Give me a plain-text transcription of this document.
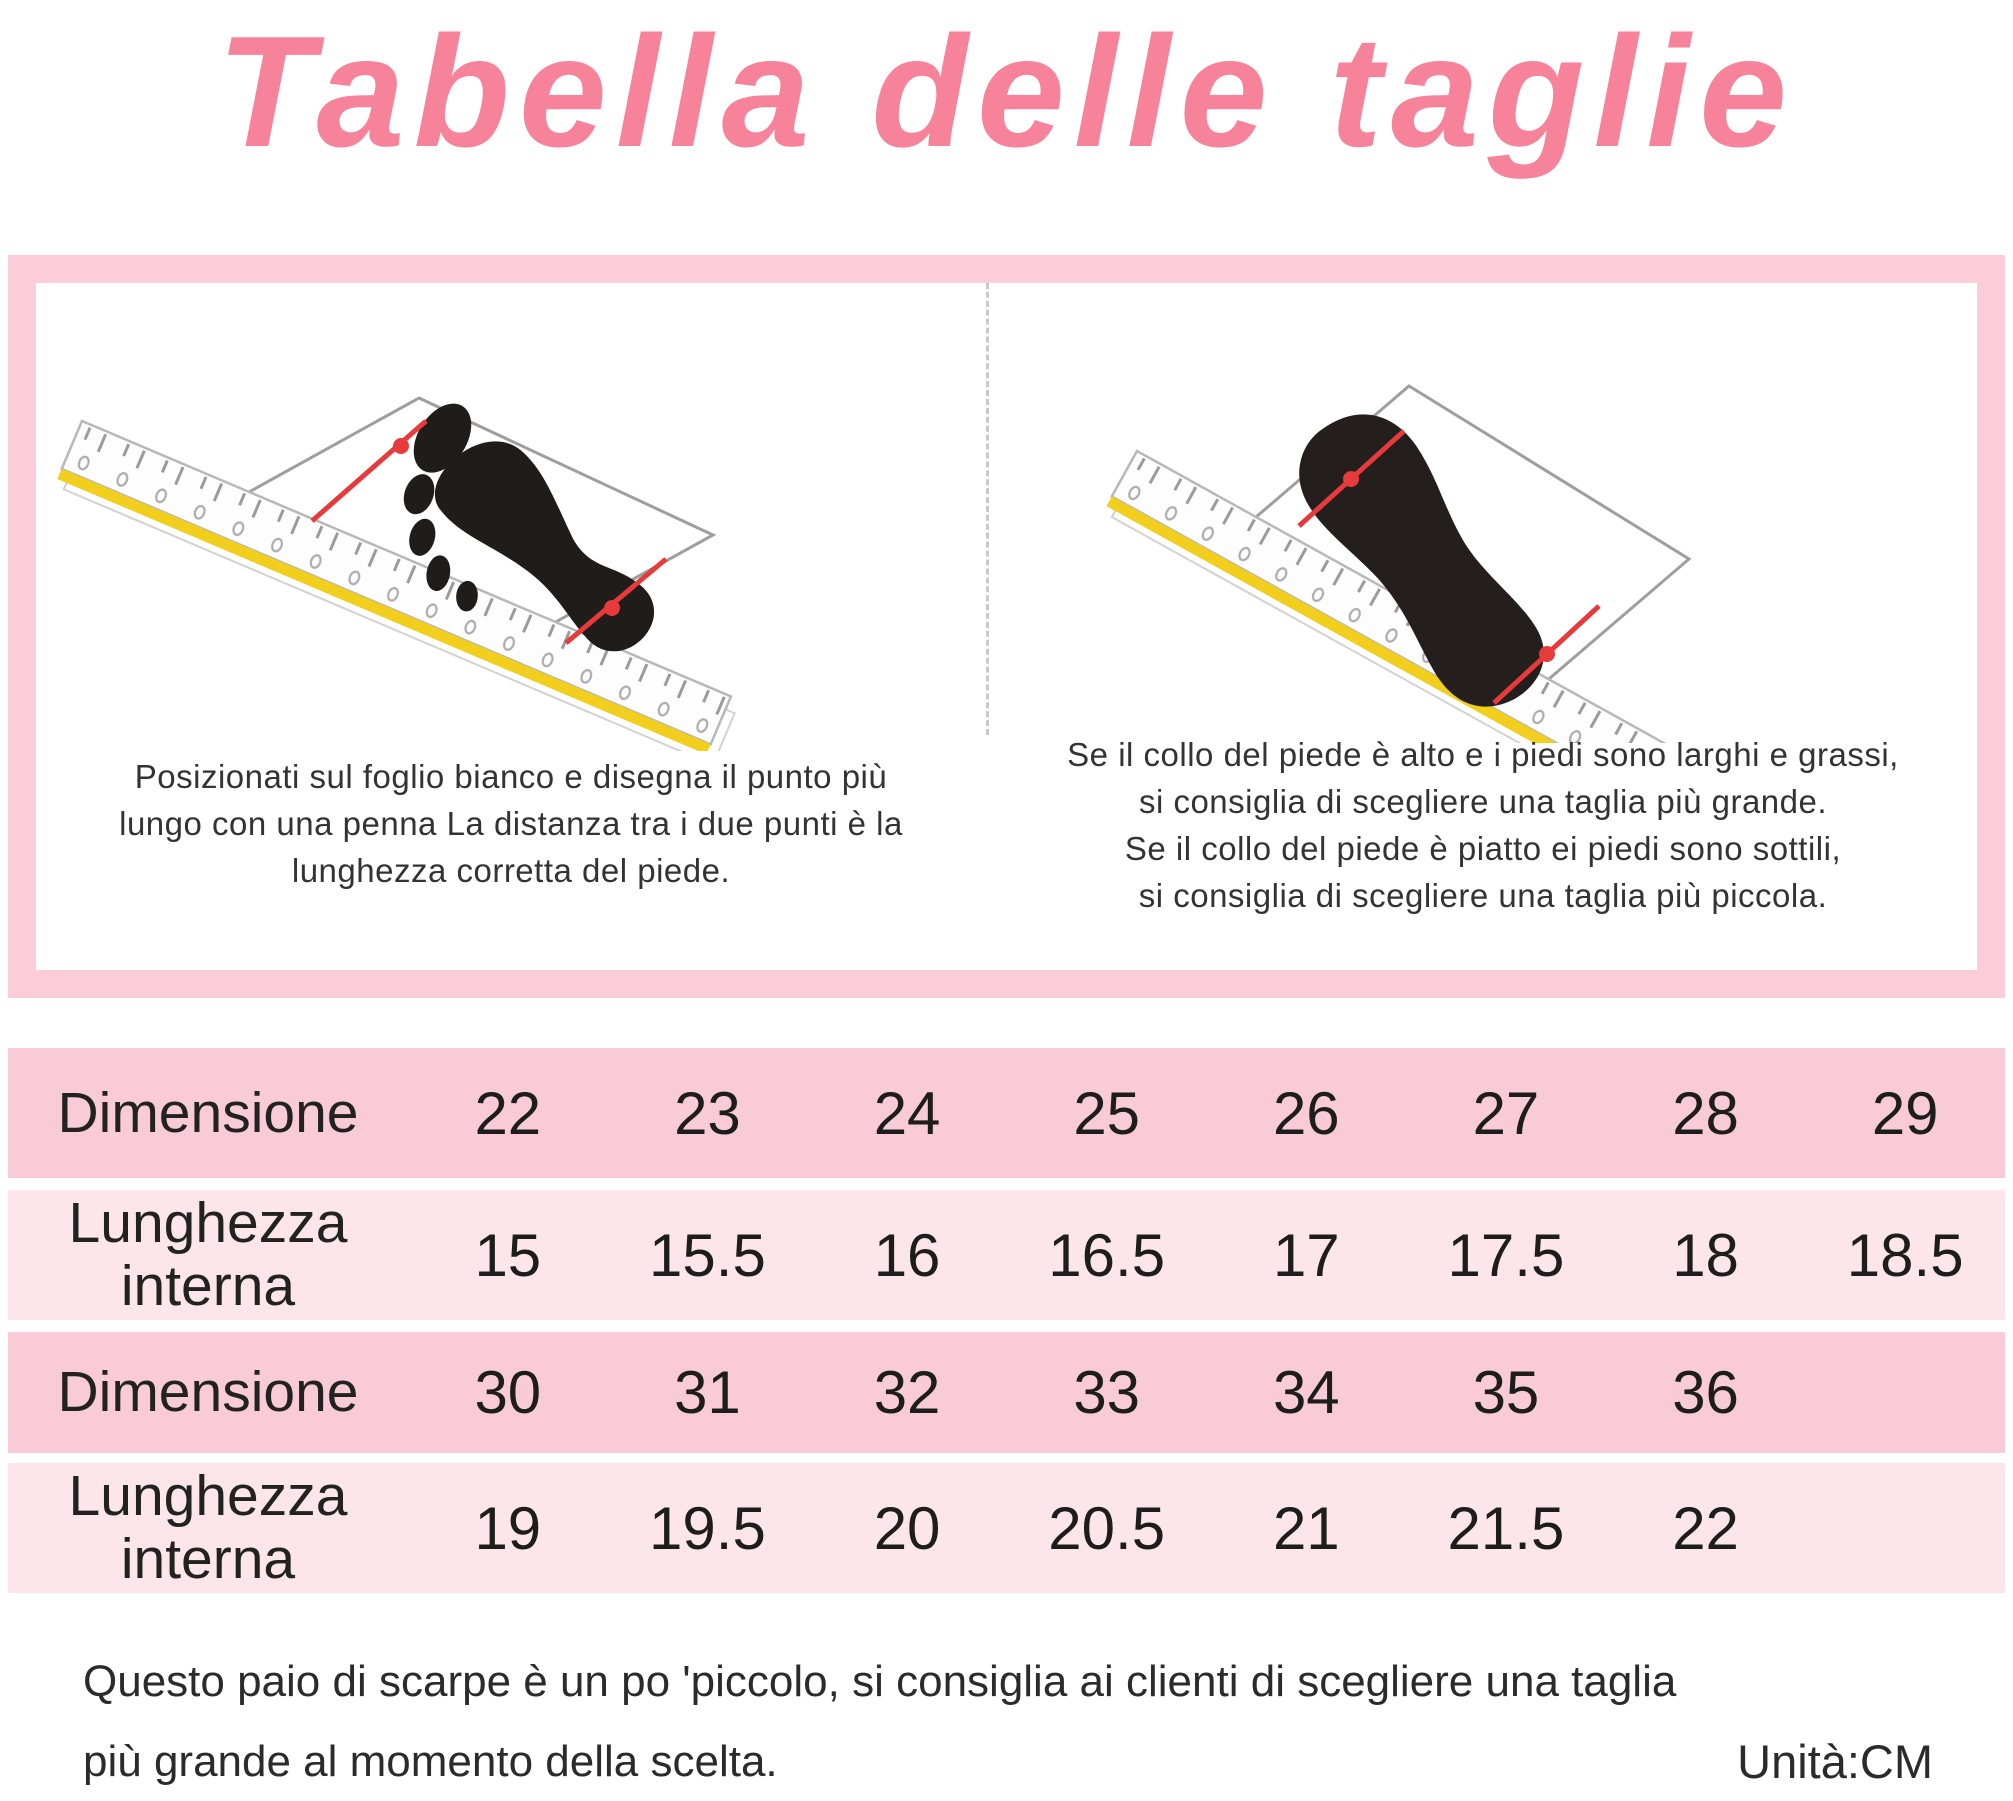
Tabella delle taglie
Posizionati sul foglio bianco e disegna il punto più
lungo con una penna La distanza tra i due punti è la
lunghezza corretta del piede.
Se il collo del piede è alto e i piedi sono larghi e grassi,
si consiglia di scegliere una taglia più grande.
Se il collo del piede è piatto ei piedi sono sottili,
si consiglia di scegliere una taglia più piccola.
Dimensione	22	23	24	25	26	27	28	29
Lunghezza
interna	15	15.5	16	16.5	17	17.5	18	18.5
Dimensione	30	31	32	33	34	35	36
Lunghezza
interna	19	19.5	20	20.5	21	21.5	22
Questo paio di scarpe è un po 'piccolo, si consiglia ai clienti di scegliere una taglia
più grande al momento della scelta.	Unità:CM
